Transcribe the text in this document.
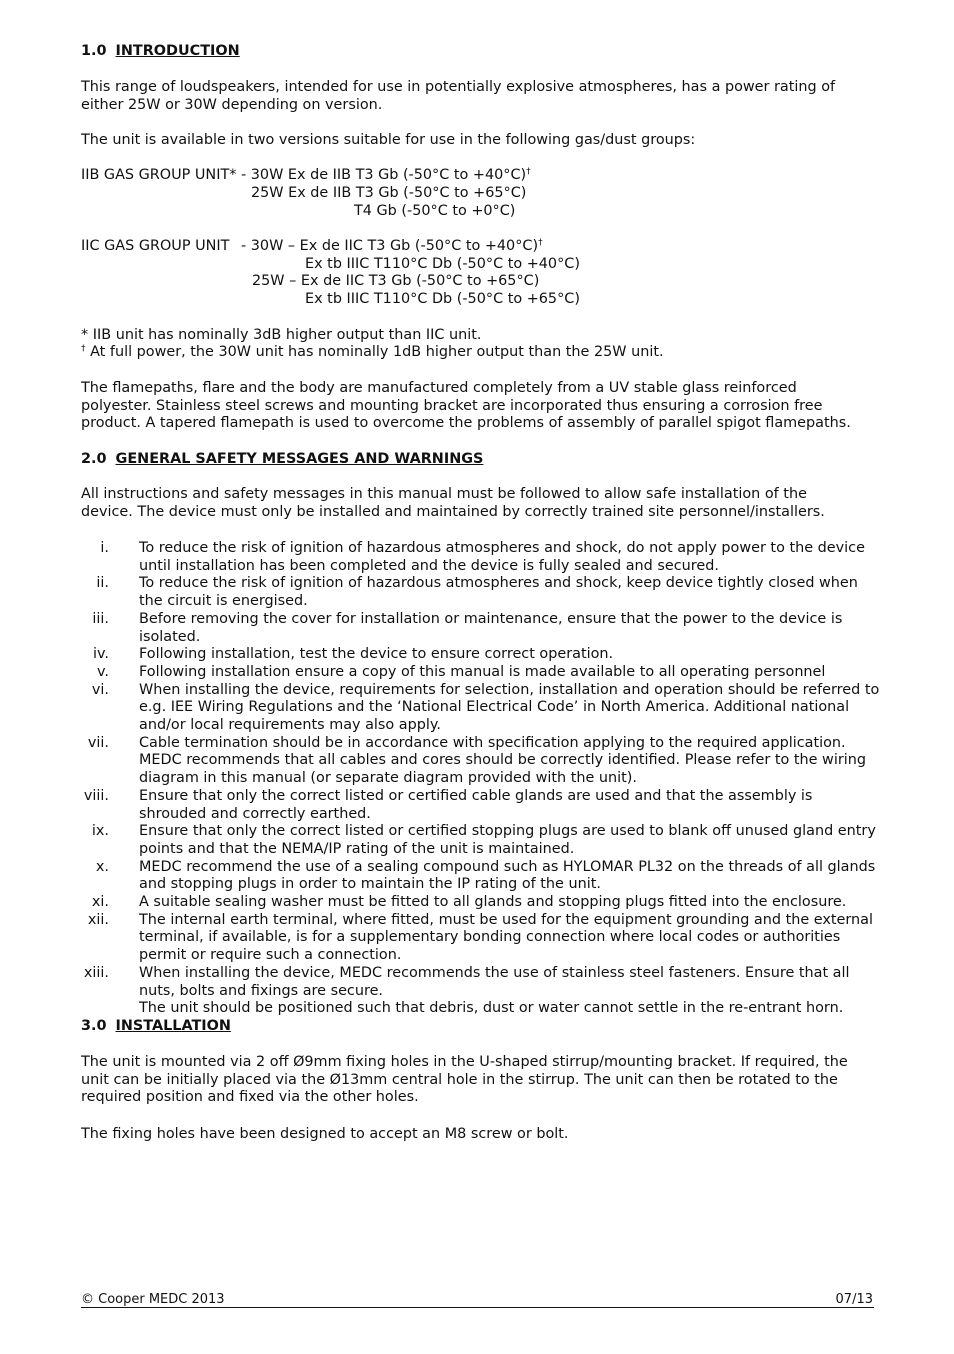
1.0 INTRODUCTION

This range of loudspeakers, intended for use in potentially explosive atmospheres, has a power rating of either 25W or 30W depending on version.

The unit is available in two versions suitable for use in the following gas/dust groups:

IIB GAS GROUP UNIT* - 30W Ex de IIB T3 Gb (-50°C to +40°C)†
25W Ex de IIB T3 Gb (-50°C to +65°C)
T4 Gb (-50°C to +0°C)
IIC GAS GROUP UNIT - 30W – Ex de IIC T3 Gb (-50°C to +40°C)†
Ex tb IIIC T110°C Db (-50°C to +40°C)
25W – Ex de IIC T3 Gb (-50°C to +65°C)
Ex tb IIIC T110°C Db (-50°C to +65°C)
* IIB unit has nominally 3dB higher output than IIC unit.
† At full power, the 30W unit has nominally 1dB higher output than the 25W unit.

The flamepaths, flare and the body are manufactured completely from a UV stable glass reinforced polyester. Stainless steel screws and mounting bracket are incorporated thus ensuring a corrosion free product. A tapered flamepath is used to overcome the problems of assembly of parallel spigot flamepaths.

2.0 GENERAL SAFETY MESSAGES AND WARNINGS

All instructions and safety messages in this manual must be followed to allow safe installation of the device. The device must only be installed and maintained by correctly trained site personnel/installers.

i. To reduce the risk of ignition of hazardous atmospheres and shock, do not apply power to the device until installation has been completed and the device is fully sealed and secured.
ii. To reduce the risk of ignition of hazardous atmospheres and shock, keep device tightly closed when the circuit is energised.
iii. Before removing the cover for installation or maintenance, ensure that the power to the device is isolated.
iv. Following installation, test the device to ensure correct operation.
v. Following installation ensure a copy of this manual is made available to all operating personnel
vi. When installing the device, requirements for selection, installation and operation should be referred to e.g. IEE Wiring Regulations and the ‘National Electrical Code’ in North America. Additional national and/or local requirements may also apply.
vii. Cable termination should be in accordance with specification applying to the required application. MEDC recommends that all cables and cores should be correctly identified. Please refer to the wiring diagram in this manual (or separate diagram provided with the unit).
viii. Ensure that only the correct listed or certified cable glands are used and that the assembly is shrouded and correctly earthed.
ix. Ensure that only the correct listed or certified stopping plugs are used to blank off unused gland entry points and that the NEMA/IP rating of the unit is maintained.
x. MEDC recommend the use of a sealing compound such as HYLOMAR PL32 on the threads of all glands and stopping plugs in order to maintain the IP rating of the unit.
xi. A suitable sealing washer must be fitted to all glands and stopping plugs fitted into the enclosure.
xii. The internal earth terminal, where fitted, must be used for the equipment grounding and the external terminal, if available, is for a supplementary bonding connection where local codes or authorities permit or require such a connection.
xiii. When installing the device, MEDC recommends the use of stainless steel fasteners. Ensure that all nuts, bolts and fixings are secure.
The unit should be positioned such that debris, dust or water cannot settle in the re-entrant horn.
3.0 INSTALLATION

The unit is mounted via 2 off Ø9mm fixing holes in the U-shaped stirrup/mounting bracket. If required, the unit can be initially placed via the Ø13mm central hole in the stirrup. The unit can then be rotated to the required position and fixed via the other holes.

The fixing holes have been designed to accept an M8 screw or bolt.

© Cooper MEDC 2013	07/13
